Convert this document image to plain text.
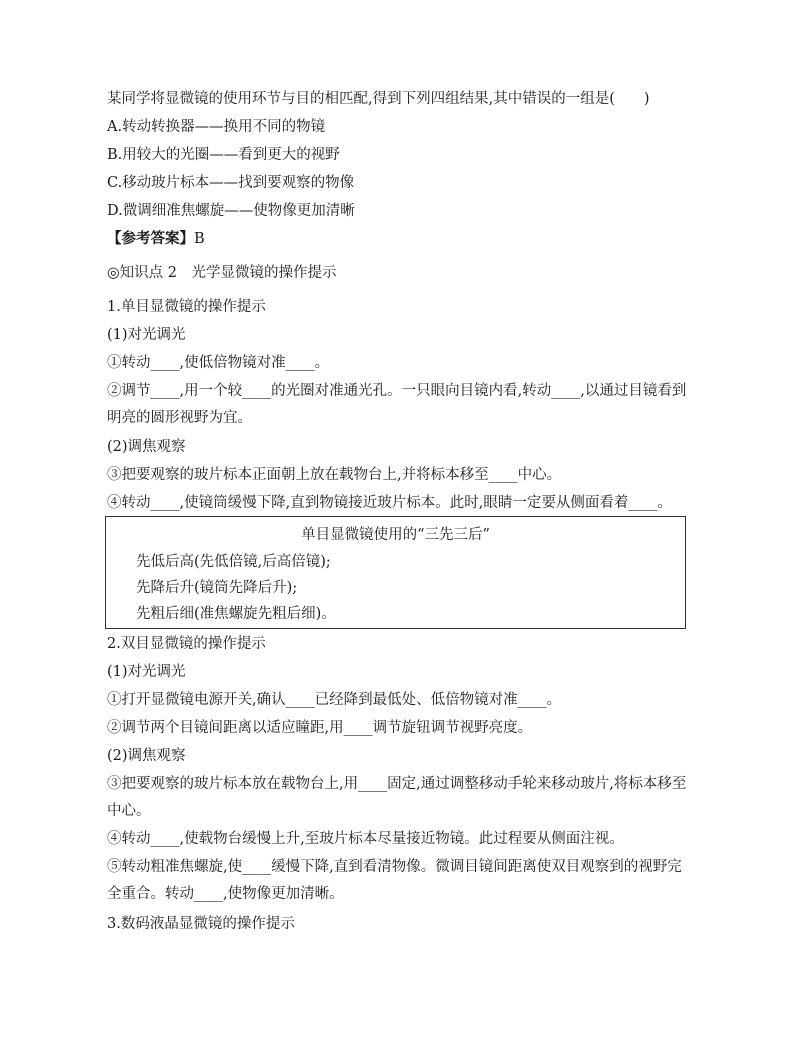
某同学将显微镜的使用环节与目的相匹配,得到下列四组结果,其中错误的一组是(　　)
A.转动转换器——换用不同的物镜
B.用较大的光圈——看到更大的视野
C.移动玻片标本——找到要观察的物像
D.微调细准焦螺旋——使物像更加清晰
【参考答案】B
◎知识点 2　光学显微镜的操作提示
1.单目显微镜的操作提示
(1)对光调光
①转动____,使低倍物镜对准____。
②调节____,用一个较____的光圈对准通光孔。一只眼向目镜内看,转动____,以通过目镜看到
明亮的圆形视野为宜。
(2)调焦观察
③把要观察的玻片标本正面朝上放在载物台上,并将标本移至____中心。
④转动____,使镜筒缓慢下降,直到物镜接近玻片标本。此时,眼睛一定要从侧面看着____。
单目显微镜使用的“三先三后”
先低后高(先低倍镜,后高倍镜);
先降后升(镜筒先降后升);
先粗后细(准焦螺旋先粗后细)。
2.双目显微镜的操作提示
(1)对光调光
①打开显微镜电源开关,确认____已经降到最低处、低倍物镜对准____。
②调节两个目镜间距离以适应瞳距,用____调节旋钮调节视野亮度。
(2)调焦观察
③把要观察的玻片标本放在载物台上,用____固定,通过调整移动手轮来移动玻片,将标本移至
中心。
④转动____,使载物台缓慢上升,至玻片标本尽量接近物镜。此过程要从侧面注视。
⑤转动粗准焦螺旋,使____缓慢下降,直到看清物像。微调目镜间距离使双目观察到的视野完
全重合。转动____,使物像更加清晰。
3.数码液晶显微镜的操作提示
